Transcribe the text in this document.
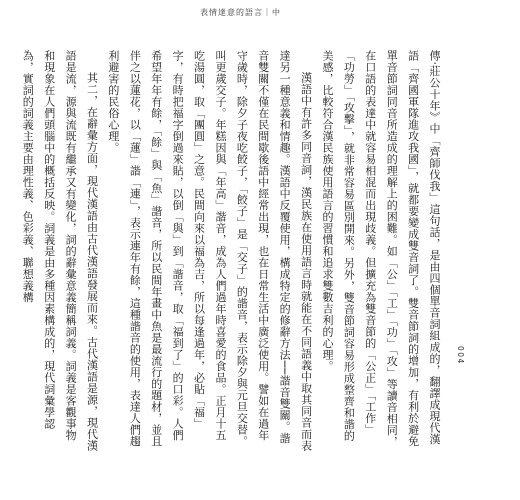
表情達意的語言｜中

傳‧莊公十年》中「齊師伐我」這句話，是由四個單音詞組成的，翻譯成現代漢語「齊國軍隊進攻我國」，就都要變成雙音詞了。雙音節詞的增加，有利於避免單音節詞同音所造成的理解上的困難。如「公」「工」「功」「攻」等讀音相同，在口語的表達中就容易相混而出現歧義。但擴充為雙音節的「公正」「工作」「功勞」「攻擊」，就非常容易區別開來。另外，雙音節詞容易形成整齊和諧的美感，比較符合漢民族使用語言的習慣和追求雙數吉利的心理。

漢語中有許多同音詞，漢民族在使用語言時就能在不同語義中取其同音而表達另一種意義和情趣。漢語中反覆使用，構成特定的修辭方法──諧音雙關。諧音雙關不僅在民間歇後語中經常出現，也在日常生活中廣泛使用。譬如在過年守歲時，除夕子夜吃餃子，「餃子」是「交子」的諧音，表示除夕與元旦交替。叫更歲交子。年糕因與「年高」諧音，成為人們過年時喜愛的食品。正月十五吃湯圓，取「團圓」之意。民間向來以福為吉，所以每逢過年，必貼「福」字，有時把福字倒過來貼，以倒「與」到「諧音，取「福到了」的口彩。人們希望年年有餘，「餘」與「魚」諧音，所以民間年畫中魚是最流行的題材，並且伴之以蓮花，以「蓮」諧「連」，表示連年有餘，這種諧音的使用，表達人們趨利避害的民俗心理。

其二，在辭彙方面，現代漢語由古代漢語發展而來。古代漢語是源，現代漢語是流，源與流既有繼承又有變化，詞的辭彙意義簡稱詞義。詞義是客觀事物和現象在人們頭腦中的概括反映。詞義是由多種因素構成的，現代詞彙學認為，實詞的詞義主要由理性義、色彩義、聯想義構

004
